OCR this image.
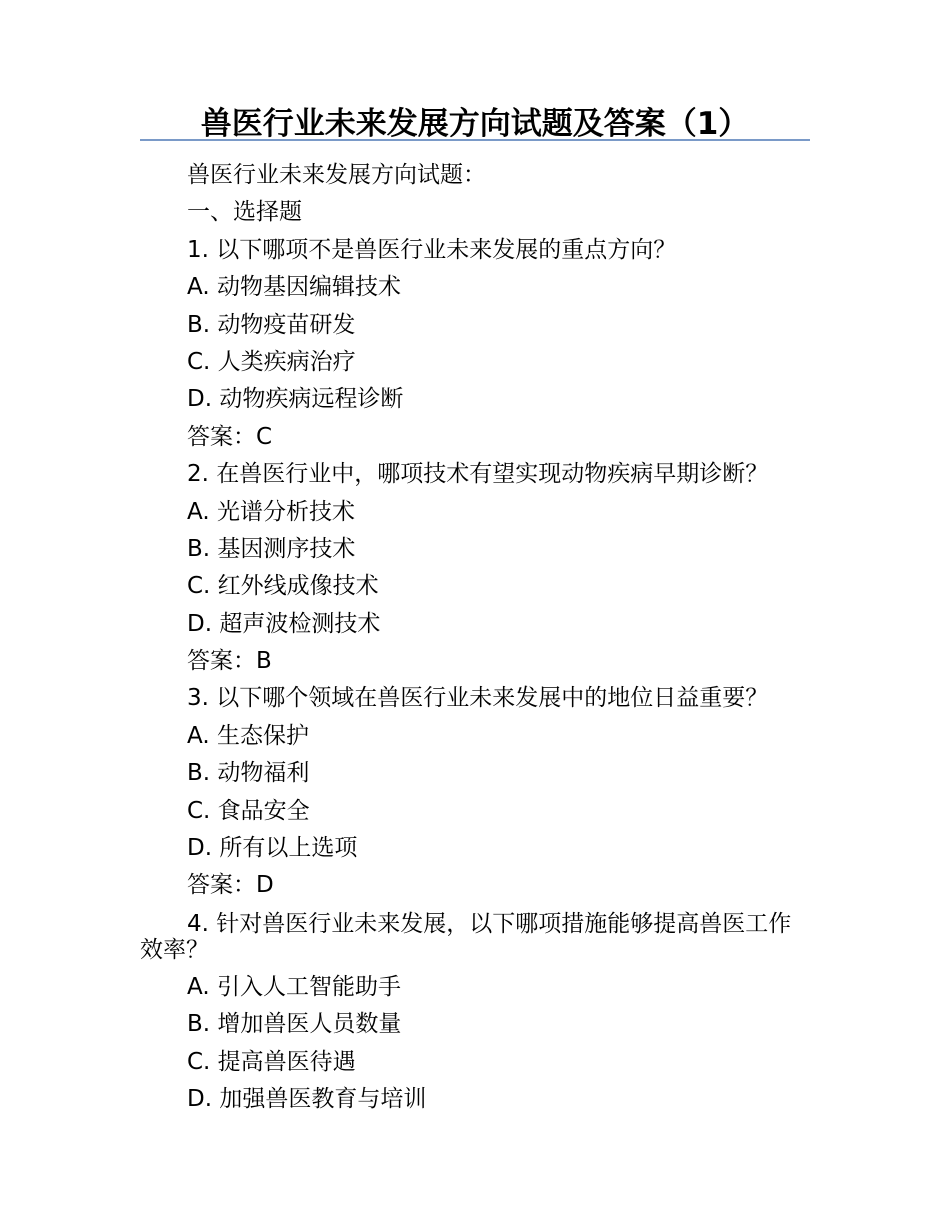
兽医行业未来发展方向试题及答案（1）
兽医行业未来发展方向试题：
一、选择题
1. 以下哪项不是兽医行业未来发展的重点方向？
A. 动物基因编辑技术
B. 动物疫苗研发
C. 人类疾病治疗
D. 动物疾病远程诊断
答案：C
2. 在兽医行业中，哪项技术有望实现动物疾病早期诊断？
A. 光谱分析技术
B. 基因测序技术
C. 红外线成像技术
D. 超声波检测技术
答案：B
3. 以下哪个领域在兽医行业未来发展中的地位日益重要？
A. 生态保护
B. 动物福利
C. 食品安全
D. 所有以上选项
答案：D
4. 针对兽医行业未来发展，以下哪项措施能够提高兽医工作效率？
A. 引入人工智能助手
B. 增加兽医人员数量
C. 提高兽医待遇
D. 加强兽医教育与培训
